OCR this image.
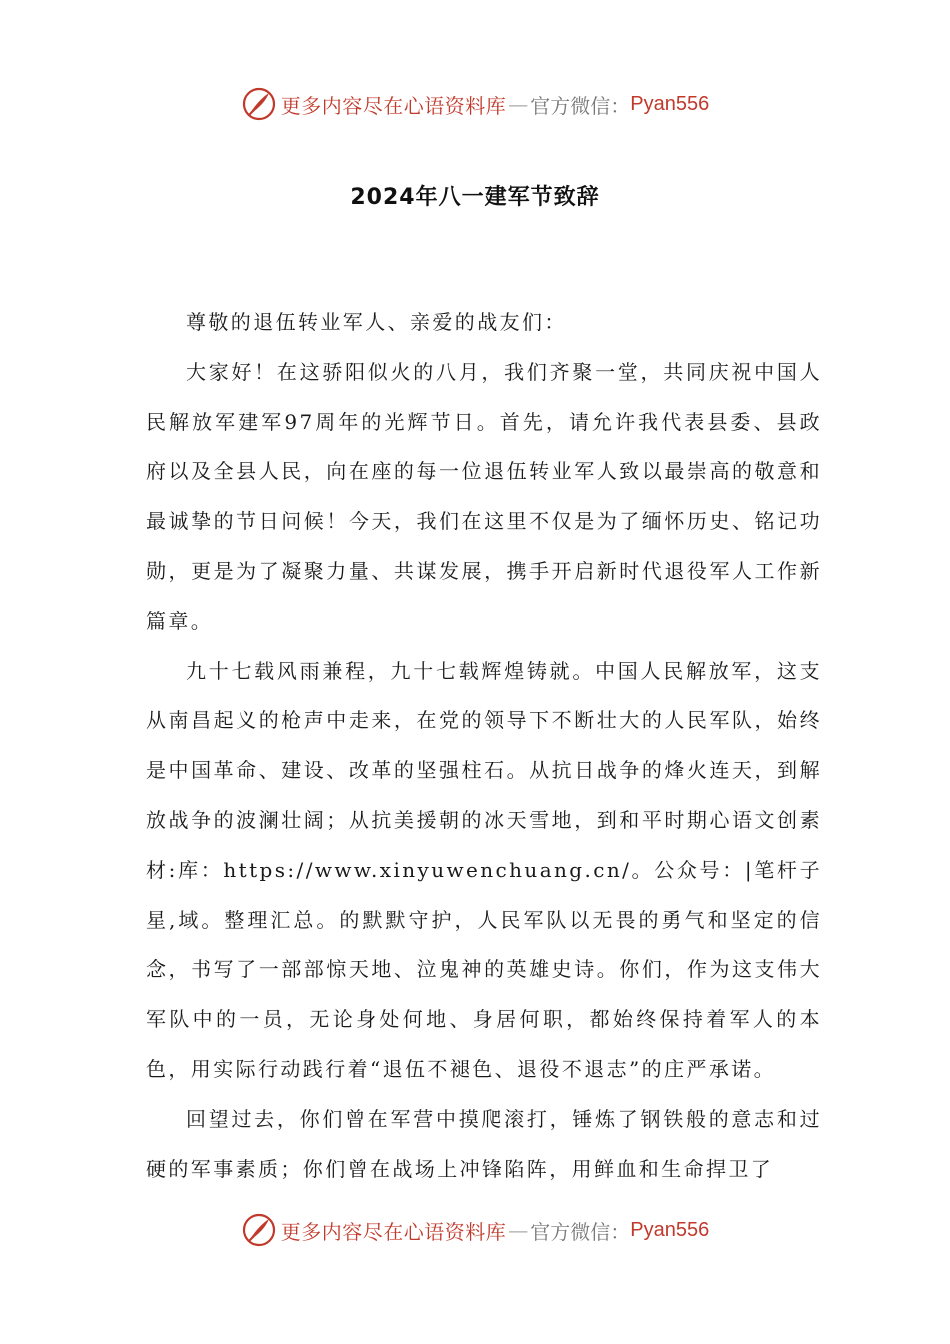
更多内容尽在心语资料库 — 官方微信： Pyan556
2024年八一建军节致辞

尊敬的退伍转业军人、亲爱的战友们：

大家好！在这骄阳似火的八月，我们齐聚一堂，共同庆祝中国人民解放军建军97周年的光辉节日。首先，请允许我代表县委、县政府以及全县人民，向在座的每一位退伍转业军人致以最崇高的敬意和最诚挚的节日问候！今天，我们在这里不仅是为了缅怀历史、铭记功勋，更是为了凝聚力量、共谋发展，携手开启新时代退役军人工作新篇章。

九十七载风雨兼程，九十七载辉煌铸就。中国人民解放军，这支从南昌起义的枪声中走来，在党的领导下不断壮大的人民军队，始终是中国革命、建设、改革的坚强柱石。从抗日战争的烽火连天，到解放战争的波澜壮阔；从抗美援朝的冰天雪地，到和平时期心语文创素材:库：https://www.xinyuwenchuang.cn/。公众号：|笔杆子星,域。整理汇总。的默默守护，人民军队以无畏的勇气和坚定的信念，书写了一部部惊天地、泣鬼神的英雄史诗。你们，作为这支伟大军队中的一员，无论身处何地、身居何职，都始终保持着军人的本色，用实际行动践行着“退伍不褪色、退役不退志”的庄严承诺。

回望过去，你们曾在军营中摸爬滚打，锤炼了钢铁般的意志和过硬的军事素质；你们曾在战场上冲锋陷阵，用鲜血和生命捍卫了

更多内容尽在心语资料库 — 官方微信： Pyan556
